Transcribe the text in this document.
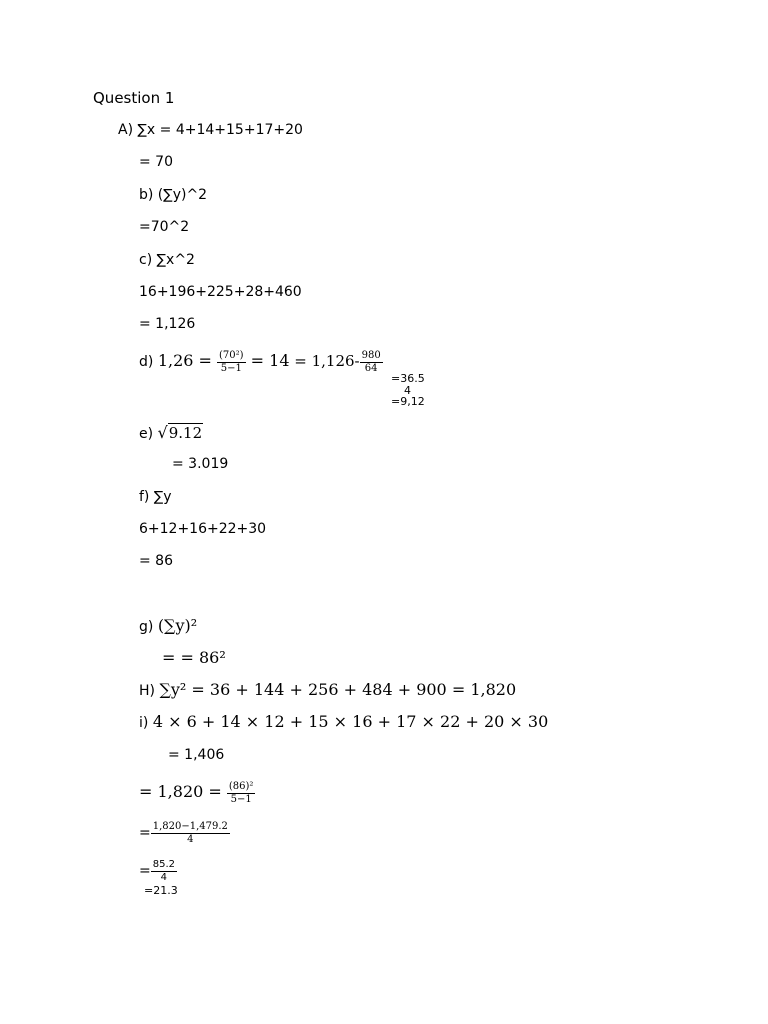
Question 1
A) ∑x = 4+14+15+17+20
= 70
b) (∑y)^2
=70^2
c) ∑x^2
16+196+225+28+460
= 1,126
d) $1,26 = \frac{\text{(70²)}}{5-1} = 14 = 1,126- \frac{980}{64}$
=36.5
4
=9,12
e) √9.12
= 3.019
f) ∑y
6+12+16+22+30
= 86
g) (∑y)²
= = 86²
H) ∑y² = 36 + 144 + 256 + 484 + 900 = 1,820
i) 4 × 6 + 14 × 12 + 15 × 16 + 17 × 22 + 20 × 30
= 1,406
= $1,820 = \frac{\text{(86)²}}{5-1}$
= $\frac{1,820-1,479.2}{4}$
= $\frac{85.2}{4}$
=21.3
